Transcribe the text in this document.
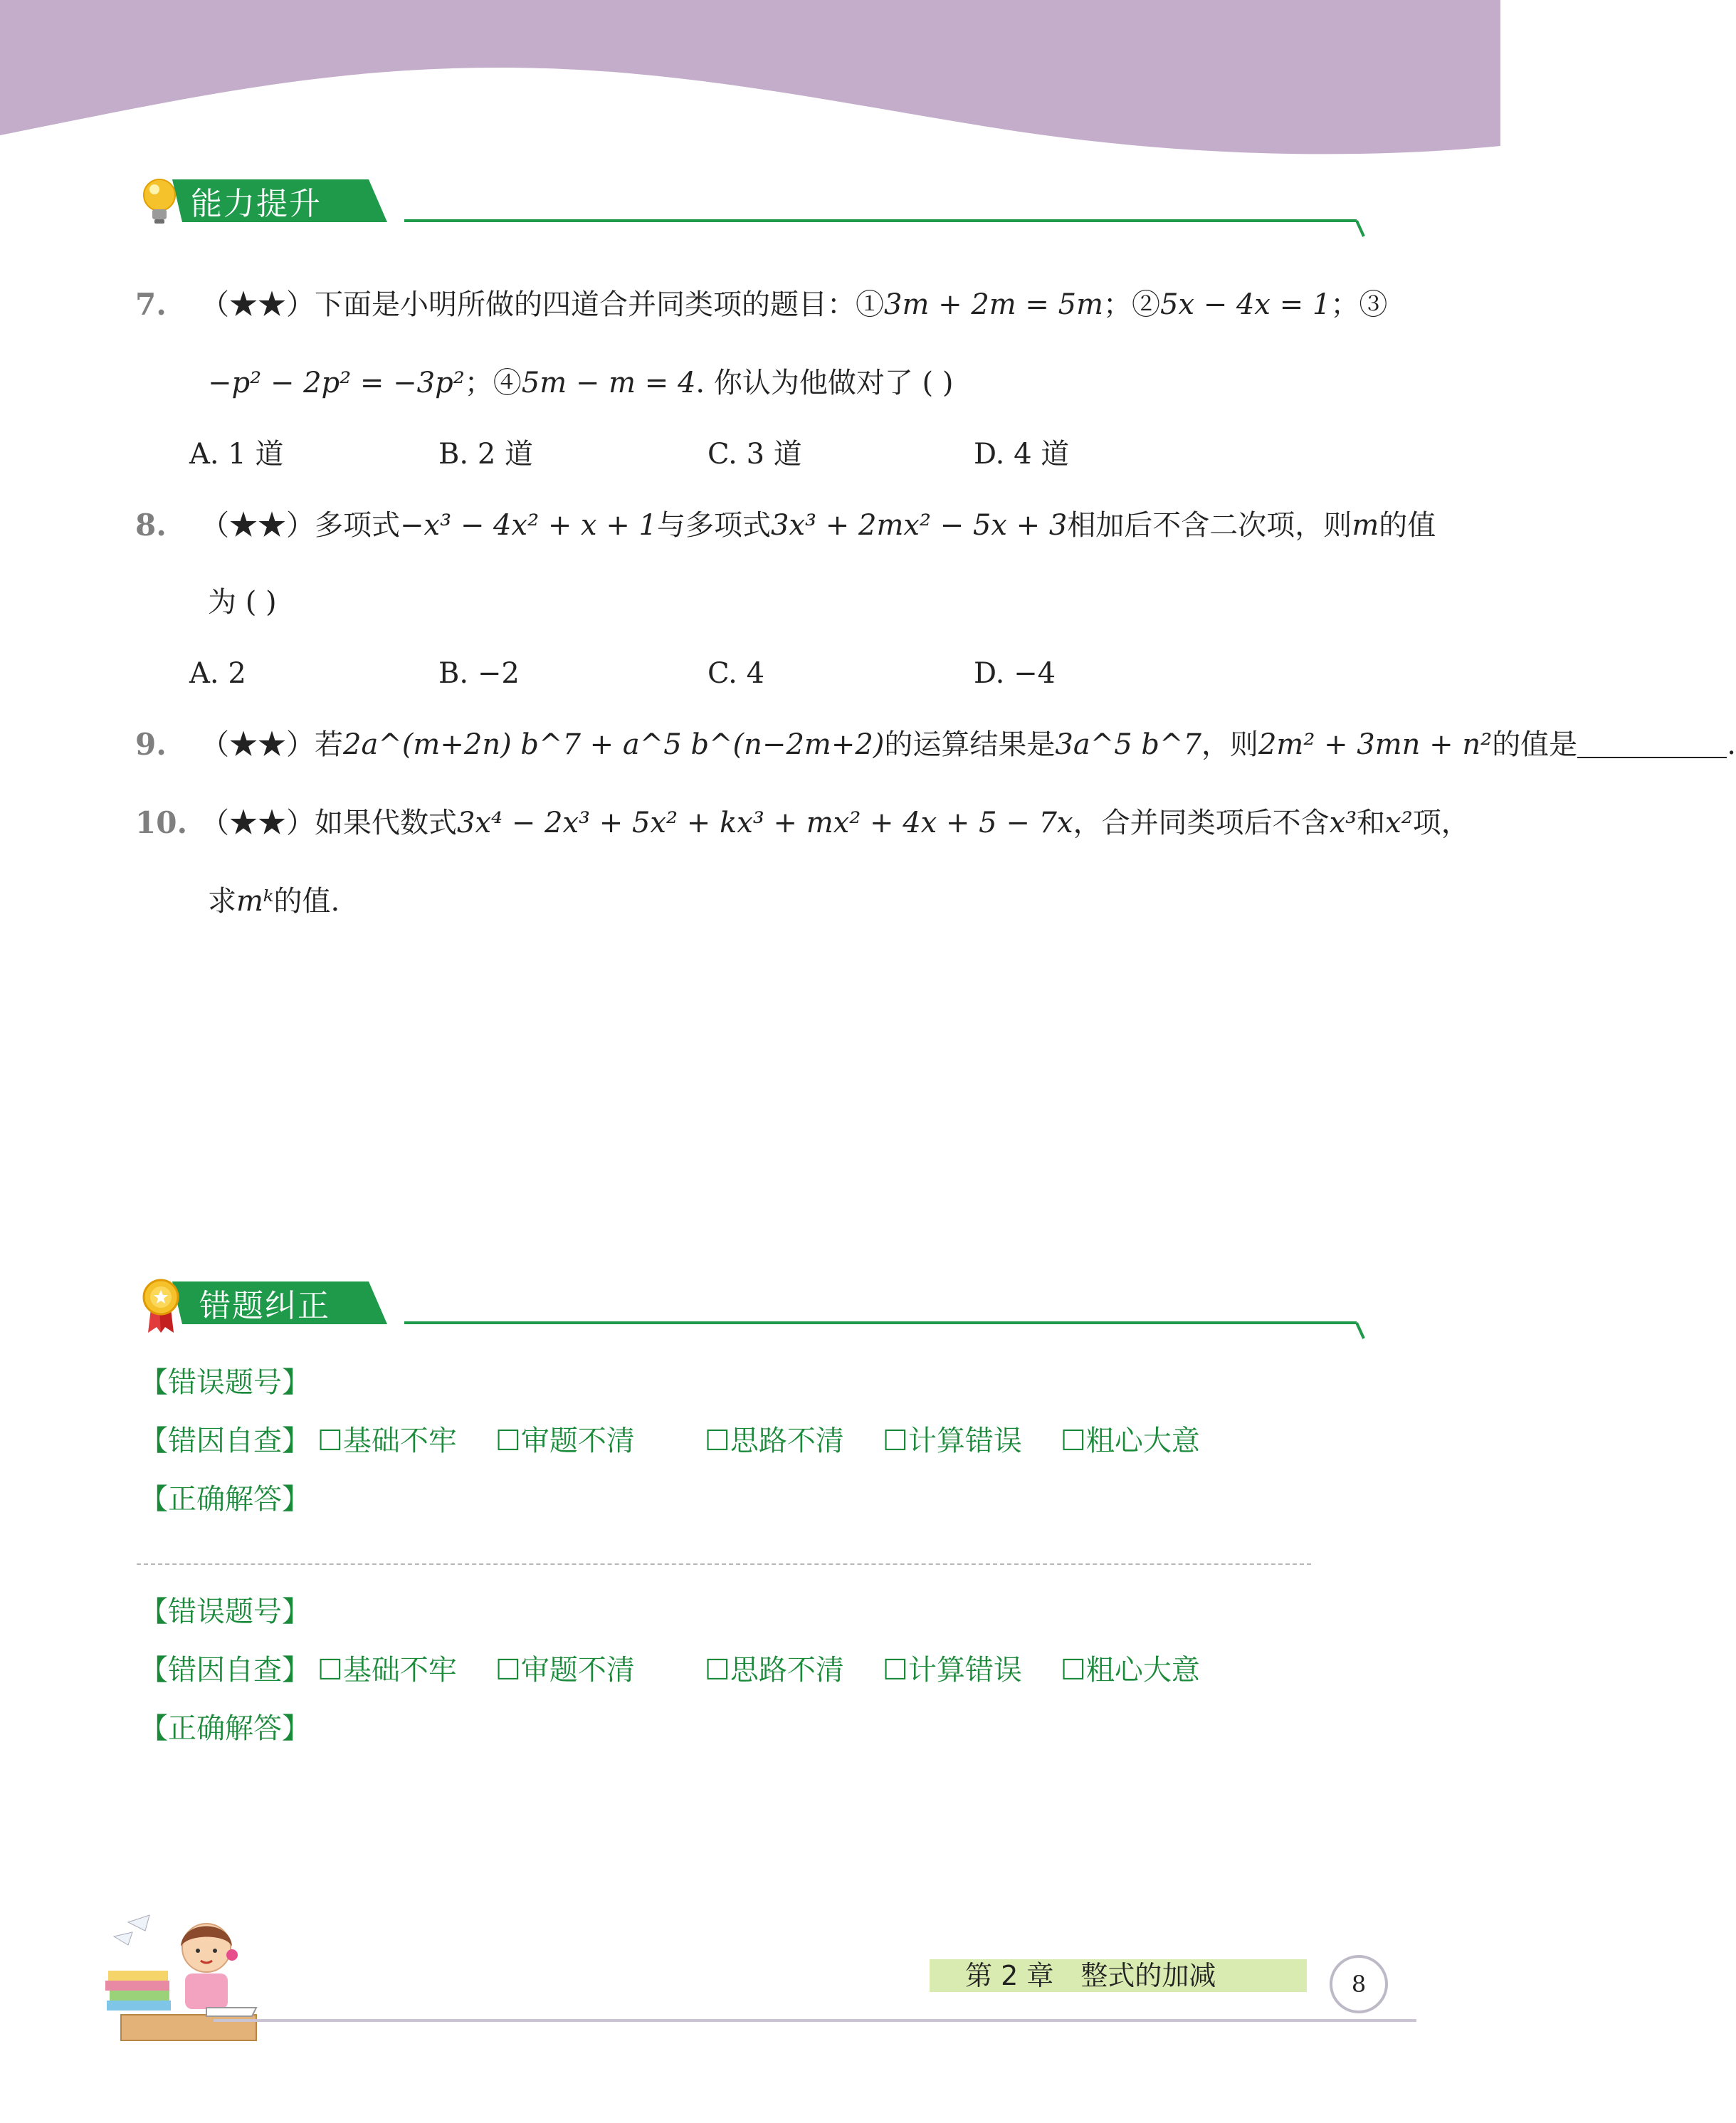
能力提升
7. （★★）下面是小明所做的四道合并同类项的题目：①3m + 2m = 5m；②5x − 4x = 1；③
−p² − 2p² = −3p²；④5m − m = 4. 你认为他做对了 ( )
A. 1 道	B. 2 道	C. 3 道	D. 4 道
8. （★★）多项式−x³ − 4x² + x + 1与多项式3x³ + 2mx² − 5x + 3相加后不含二次项，则m的值
为 ( )
A. 2	B. −2	C. 4	D. −4
9. （★★）若2a^(m+2n) b^7 + a^5 b^(n−2m+2)的运算结果是3a^5 b^7，则2m² + 3mn + n²的值是	.
10. （★★）如果代数式3x⁴ − 2x³ + 5x² + kx³ + mx² + 4x + 5 − 7x，合并同类项后不含x³和x²项，
求mᵏ的值.
错题纠正
【错误题号】
【错因自查】 ☐基础不牢 ☐审题不清 ☐思路不清 ☐计算错误 ☐粗心大意
【正确解答】
【错误题号】
【错因自查】 ☐基础不牢 ☐审题不清 ☐思路不清 ☐计算错误 ☐粗心大意
【正确解答】
第 2 章　整式的加减	8
